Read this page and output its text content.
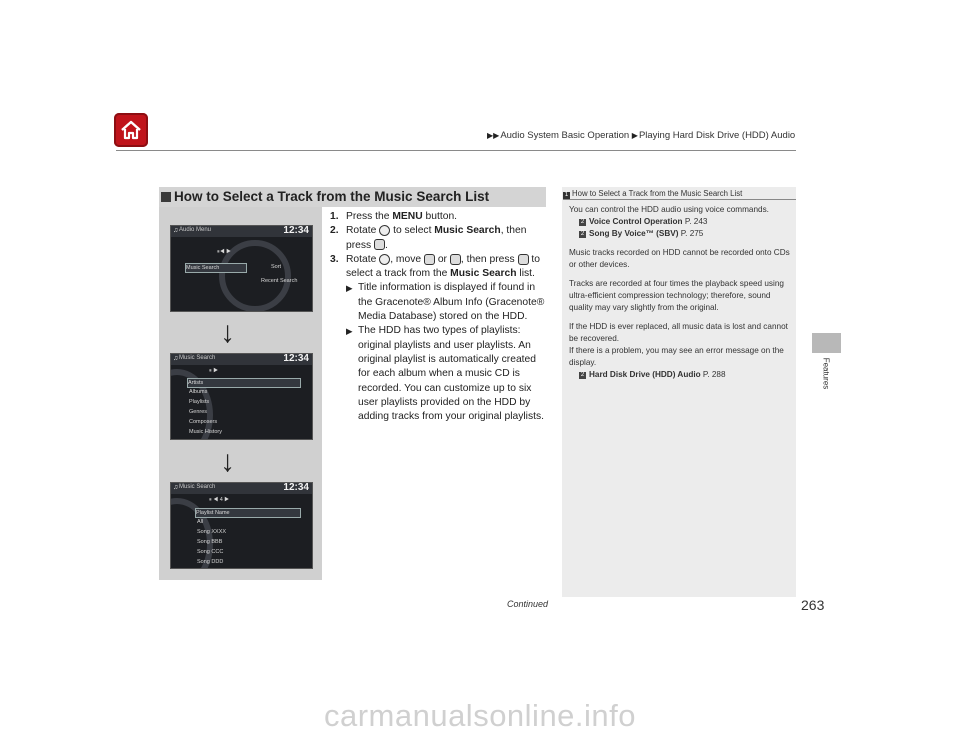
▶▶Audio System Basic Operation ▶Playing Hard Disk Drive (HDD) Audio
Features
How to Select a Track from the Music Search List
♫ Audio Menu	12:34
⏸◀ ▶
Music Search	Sort
Recent Search
↓
♫ Music Search	12:34
⏸ ▶
Artists
Albums
Playlists
Genres
Composers
Music History
↓
♫ Music Search	12:34
⏸ ◀ 4 ▶
Playlist Name
All
Song XXXX
Song BBB
Song CCC
Song DDD
1. Press the MENU button.
2. Rotate  to select Music Search, then press .
3. Rotate , move  or , then press  to select a track from the Music Search list.
▶ Title information is displayed if found in the Gracenote® Album Info (Gracenote® Media Database) stored on the HDD.
▶ The HDD has two types of playlists: original playlists and user playlists. An original playlist is automatically created for each album when a music CD is recorded. You can customize up to six user playlists provided on the HDD by adding tracks from your original playlists.
1 How to Select a Track from the Music Search List

You can control the HDD audio using voice commands.
2 Voice Control Operation P. 243
2 Song By Voice™ (SBV) P. 275

Music tracks recorded on HDD cannot be recorded onto CDs or other devices.

Tracks are recorded at four times the playback speed using ultra-efficient compression technology; therefore, sound quality may vary slightly from the original.

If the HDD is ever replaced, all music data is lost and cannot be recovered.

If there is a problem, you may see an error message on the display.
2 Hard Disk Drive (HDD) Audio P. 288

Continued	263
carmanualsonline.info
